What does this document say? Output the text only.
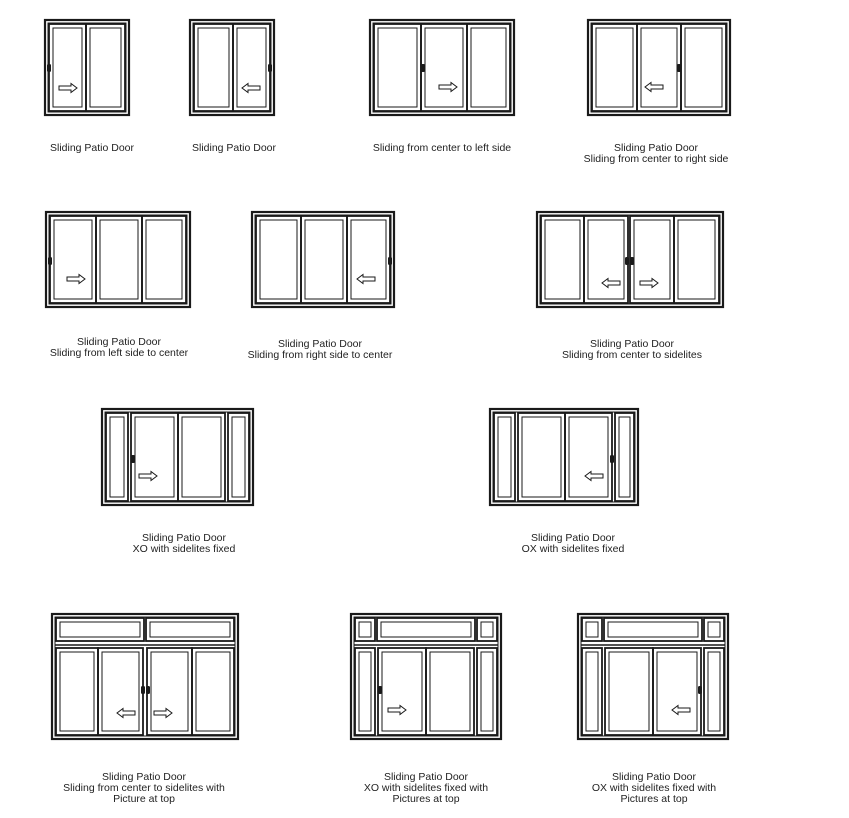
Sliding Patio Door	Sliding Patio Door	Sliding from center to left side	Sliding Patio Door
Sliding from center to right side
Sliding Patio Door
Sliding from left side to center
Sliding Patio Door
Sliding from right side to center
Sliding Patio Door
Sliding from center to sidelites
Sliding Patio Door
XO with sidelites fixed
Sliding Patio Door
OX with sidelites fixed
Sliding Patio Door
Sliding from center to sidelites with
Picture at top
Sliding Patio Door
XO with sidelites fixed with
Pictures at top
Sliding Patio Door
OX with sidelites fixed with
Pictures at top
